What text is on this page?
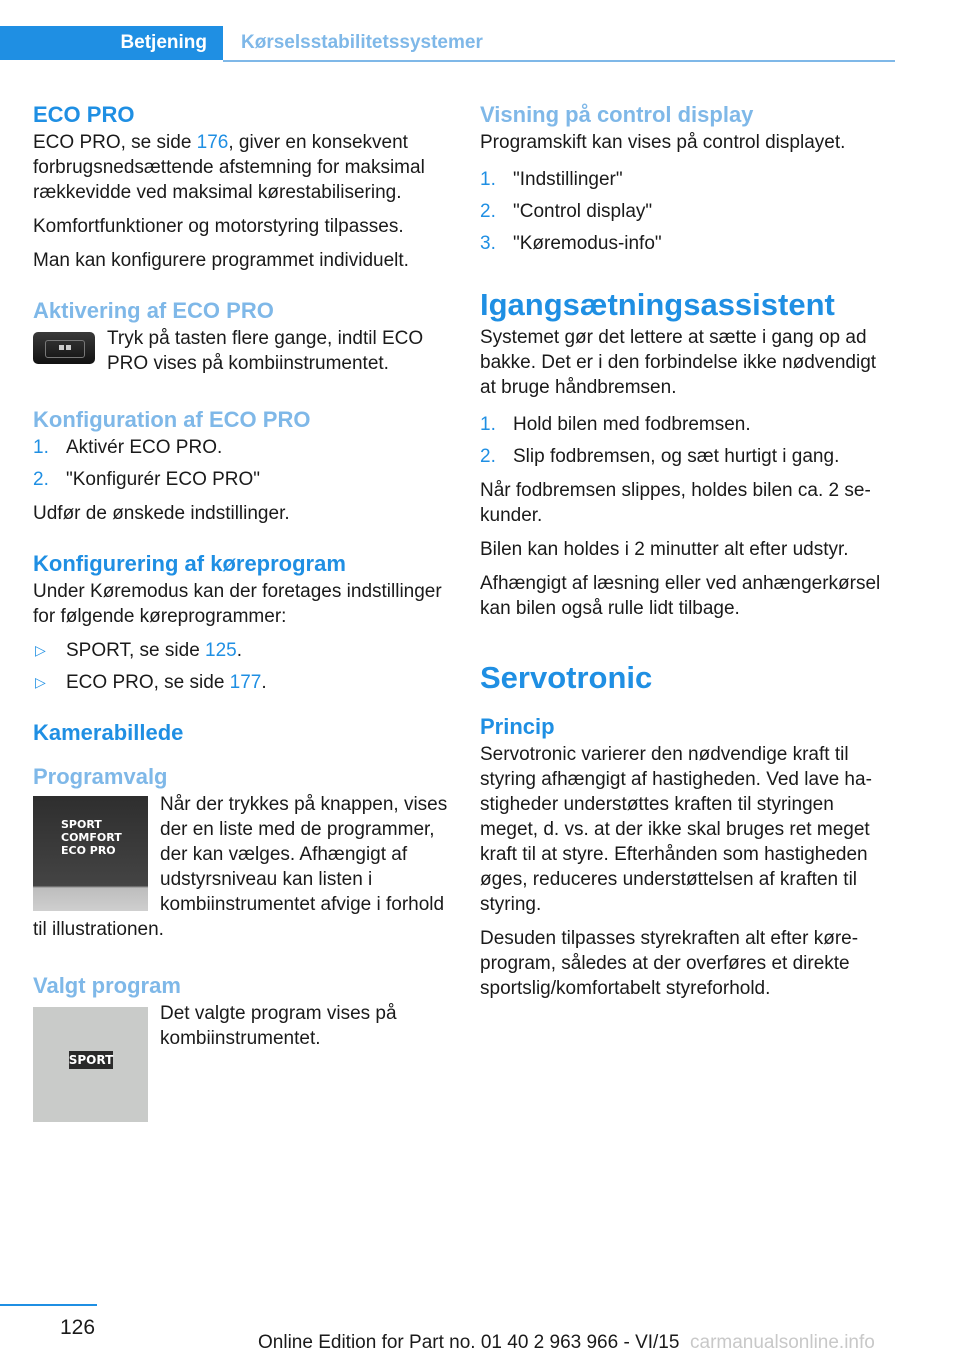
Betjening	Kørselsstabilitetssystemer
ECO PRO

ECO PRO, se side 176, giver en konsekvent forbrugsnedsættende afstemning for maksimal rækkevidde ved maksimal kørestabilisering.

Komfortfunktioner og motorstyring tilpasses.

Man kan konfigurere programmet individuelt.

Aktivering af ECO PRO

Tryk på tasten flere gange, indtil ECO PRO vises på kombiinstrumentet.

Konfiguration af ECO PRO
1. Aktivér ECO PRO.
2. "Konfigurér ECO PRO"

Udfør de ønskede indstillinger.

Konfigurering af køreprogram

Under Køremodus kan der foretages indstillinger for følgende køreprogrammer:

▷ SPORT, se side 125.
▷ ECO PRO, se side 177.
Kamerabillede
Programvalg
SPORT
COMFORT
ECO PRO

Når der trykkes på knappen, vises der en liste med de programmer, der kan vælges. Afhængigt af udstyrsniveau kan listen i kombiinstrumentet afvige i forhold til illustrationen.

Valgt program
SPORT

Det valgte program vises på kombiinstrumentet.

Visning på control display

Programskift kan vises på control displayet.

1. "Indstillinger"
2. "Control display"
3. "Køremodus-info"
Igangsætningsassistent

Systemet gør det lettere at sætte i gang op ad bakke. Det er i den forbindelse ikke nødvendigt at bruge håndbremsen.

1. Hold bilen med fodbremsen.
2. Slip fodbremsen, og sæt hurtigt i gang.

Når fodbremsen slippes, holdes bilen ca. 2 sekunder.

Bilen kan holdes i 2 minutter alt efter udstyr.

Afhængigt af læsning eller ved anhængerkørsel kan bilen også rulle lidt tilbage.

Servotronic
Princip

Servotronic varierer den nødvendige kraft til styring afhængigt af hastigheden. Ved lave hastigheder understøttes kraften til styringen meget, d. vs. at der ikke skal bruges ret meget kraft til at styre. Efterhånden som hastigheden øges, reduceres understøttelsen af kraften til styring.

Desuden tilpasses styrekraften alt efter køreprogram, således at der overføres et direkte sportslig/komfortabelt styreforhold.

126
Online Edition for Part no. 01 40 2 963 966 - VI/15 carmanualsonline.info
